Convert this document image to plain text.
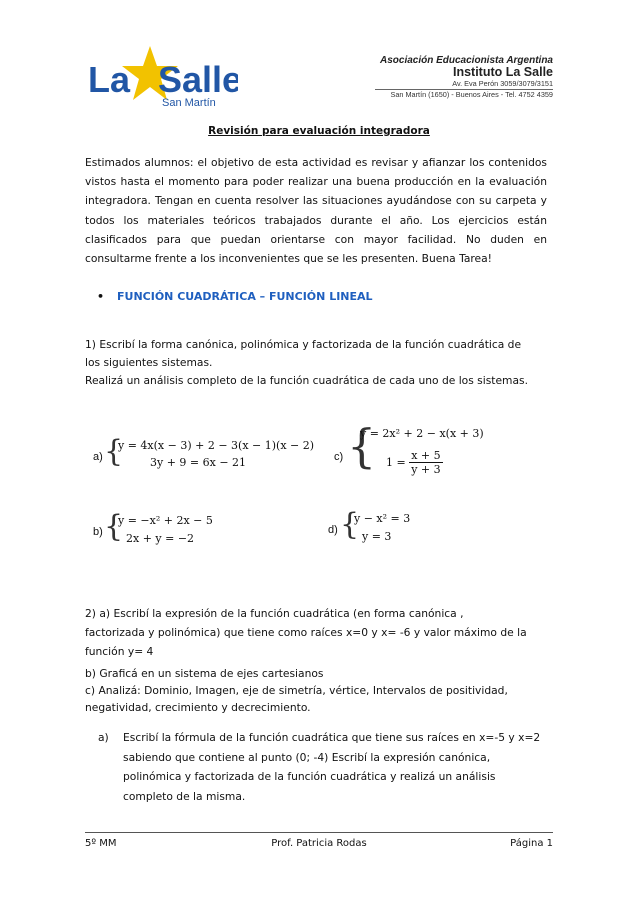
La Salle
San Martín
Asociación Educacionista Argentina
Instituto La Salle
Av. Eva Perón 3059/3079/3151
San Martín (1650) - Buenos Aires - Tel. 4752 4359
Revisión para evaluación integradora
Estimados alumnos: el objetivo de esta actividad es revisar y afianzar los contenidos vistos hasta el momento para poder realizar una buena producción en la evaluación integradora. Tengan en cuenta resolver las situaciones ayudándose con su carpeta y todos los materiales teóricos trabajados durante el año. Los ejercicios están clasificados para que puedan orientarse con mayor facilidad. No duden en consultarme frente a los inconvenientes que se les presenten. Buena Tarea!
• FUNCIÓN CUADRÁTICA – FUNCIÓN LINEAL
1) Escribí la forma canónica, polinómica y factorizada de la función cuadrática de
los siguientes sistemas.
Realizá un análisis completo de la función cuadrática de cada uno de los sistemas.
a) {
y = 4x(x − 3) + 2 − 3(x − 1)(x − 2)
3y + 9 = 6x − 21	c) {
y = 2x² + 2 − x(x + 3)
$1 = \frac{x + 5}{y + 3}$
b) {
y = −x² + 2x − 5
2x + y = −2
d) {
y − x² = 3
y = 3
2) a) Escribí la expresión de la función cuadrática (en forma canónica ,
factorizada y polinómica) que tiene como raíces x=0 y x= -6 y valor máximo de la
función y= 4
b) Graficá en un sistema de ejes cartesianos
c) Analizá: Dominio, Imagen, eje de simetría, vértice, Intervalos de positividad,
negatividad, crecimiento y decrecimiento.
a) Escribí la fórmula de la función cuadrática que tiene sus raíces en x=-5 y x=2
sabiendo que contiene al punto (0; -4) Escribí la expresión canónica,
polinómica y factorizada de la función cuadrática y realizá un análisis
completo de la misma.
5º MM	Prof. Patricia Rodas	Página 1
